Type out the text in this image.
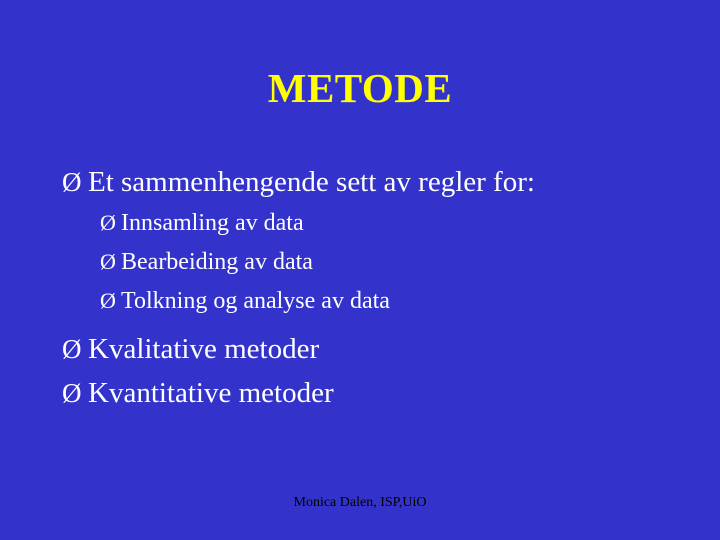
METODE
Ø Et sammenhengende sett av regler for:
Ø Innsamling av data
Ø Bearbeiding av data
Ø Tolkning og analyse av data
Ø Kvalitative metoder
Ø Kvantitative metoder
Monica Dalen, ISP,UiO
